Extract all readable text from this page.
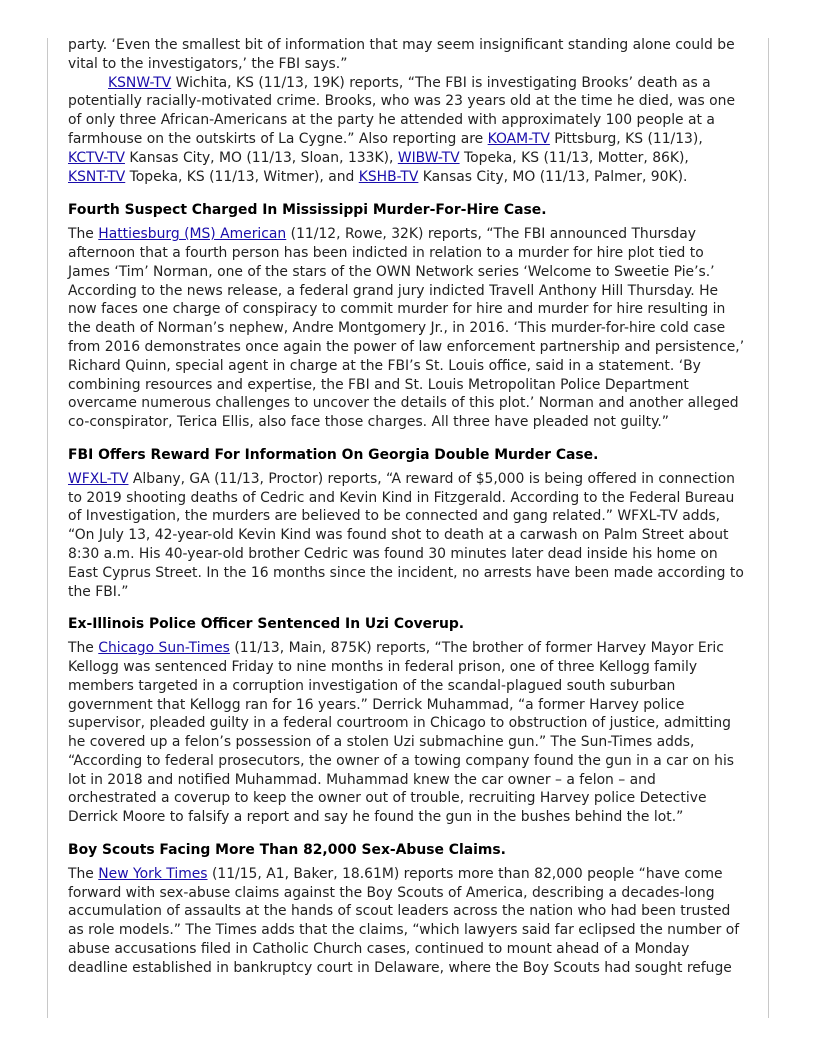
party. ‘Even the smallest bit of information that may seem insignificant standing alone could be vital to the investigators,’ the FBI says.”

KSNW-TV Wichita, KS (11/13, 19K) reports, “The FBI is investigating Brooks’ death as a potentially racially-motivated crime. Brooks, who was 23 years old at the time he died, was one of only three African-Americans at the party he attended with approximately 100 people at a farmhouse on the outskirts of La Cygne.” Also reporting are KOAM-TV Pittsburg, KS (11/13),
KCTV-TV Kansas City, MO (11/13, Sloan, 133K), WIBW-TV Topeka, KS (11/13, Motter, 86K),
KSNT-TV Topeka, KS (11/13, Witmer), and KSHB-TV Kansas City, MO (11/13, Palmer, 90K).

Fourth Suspect Charged In Mississippi Murder-For-Hire Case.

The Hattiesburg (MS) American (11/12, Rowe, 32K) reports, “The FBI announced Thursday afternoon that a fourth person has been indicted in relation to a murder for hire plot tied to James ‘Tim’ Norman, one of the stars of the OWN Network series ‘Welcome to Sweetie Pie’s.’ According to the news release, a federal grand jury indicted Travell Anthony Hill Thursday. He now faces one charge of conspiracy to commit murder for hire and murder for hire resulting in the death of Norman’s nephew, Andre Montgomery Jr., in 2016. ‘This murder-for-hire cold case from 2016 demonstrates once again the power of law enforcement partnership and persistence,’ Richard Quinn, special agent in charge at the FBI’s St. Louis office, said in a statement. ‘By combining resources and expertise, the FBI and St. Louis Metropolitan Police Department overcame numerous challenges to uncover the details of this plot.’ Norman and another alleged co-conspirator, Terica Ellis, also face those charges. All three have pleaded not guilty.”

FBI Offers Reward For Information On Georgia Double Murder Case.

WFXL-TV Albany, GA (11/13, Proctor) reports, “A reward of $5,000 is being offered in connection to 2019 shooting deaths of Cedric and Kevin Kind in Fitzgerald. According to the Federal Bureau of Investigation, the murders are believed to be connected and gang related.” WFXL-TV adds, “On July 13, 42-year-old Kevin Kind was found shot to death at a carwash on Palm Street about 8:30 a.m. His 40-year-old brother Cedric was found 30 minutes later dead inside his home on East Cyprus Street. In the 16 months since the incident, no arrests have been made according to the FBI.”

Ex-Illinois Police Officer Sentenced In Uzi Coverup.

The Chicago Sun-Times (11/13, Main, 875K) reports, “The brother of former Harvey Mayor Eric Kellogg was sentenced Friday to nine months in federal prison, one of three Kellogg family members targeted in a corruption investigation of the scandal-plagued south suburban government that Kellogg ran for 16 years.” Derrick Muhammad, “a former Harvey police supervisor, pleaded guilty in a federal courtroom in Chicago to obstruction of justice, admitting he covered up a felon’s possession of a stolen Uzi submachine gun.” The Sun-Times adds, “According to federal prosecutors, the owner of a towing company found the gun in a car on his lot in 2018 and notified Muhammad. Muhammad knew the car owner – a felon – and orchestrated a coverup to keep the owner out of trouble, recruiting Harvey police Detective Derrick Moore to falsify a report and say he found the gun in the bushes behind the lot.”

Boy Scouts Facing More Than 82,000 Sex-Abuse Claims.

The New York Times (11/15, A1, Baker, 18.61M) reports more than 82,000 people “have come forward with sex-abuse claims against the Boy Scouts of America, describing a decades-long accumulation of assaults at the hands of scout leaders across the nation who had been trusted as role models.” The Times adds that the claims, “which lawyers said far eclipsed the number of abuse accusations filed in Catholic Church cases, continued to mount ahead of a Monday deadline established in bankruptcy court in Delaware, where the Boy Scouts had sought refuge
